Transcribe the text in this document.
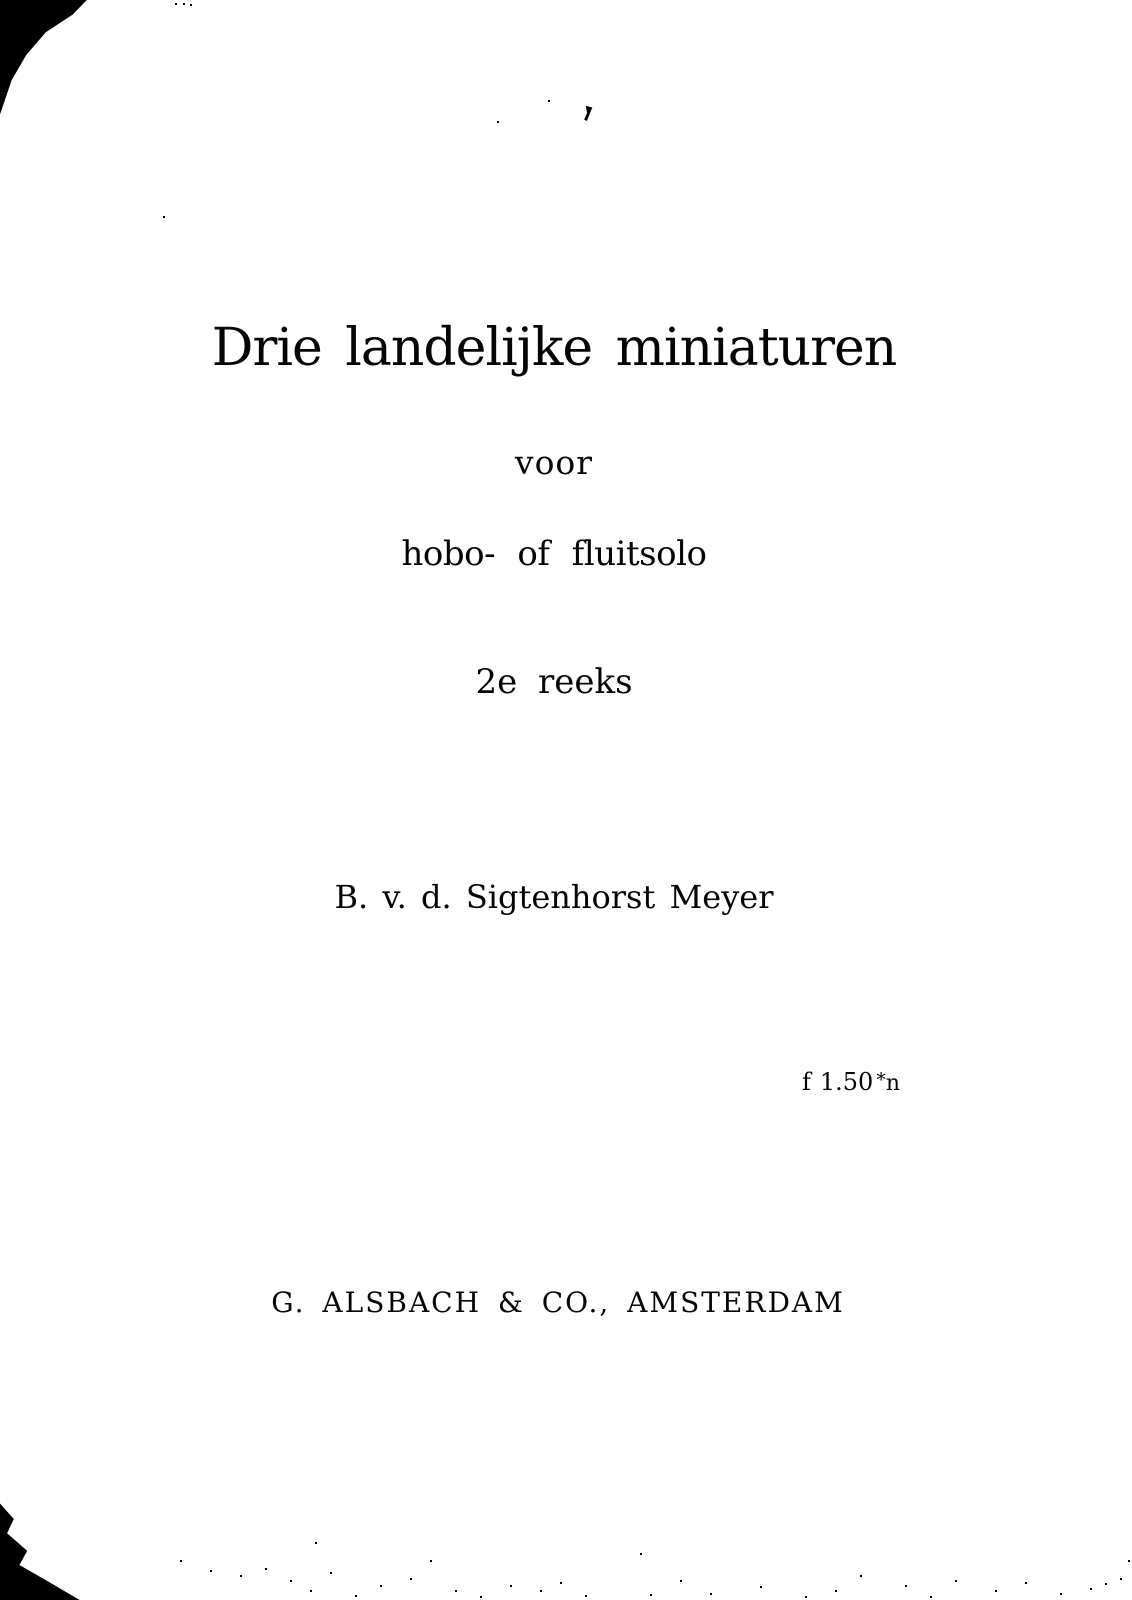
Drie landelijke miniaturen
voor
hobo- of fluitsolo
2e reeks
B. v. d. Sigtenhorst Meyer
f 1.50 *n
G. ALSBACH & CO., AMSTERDAM
